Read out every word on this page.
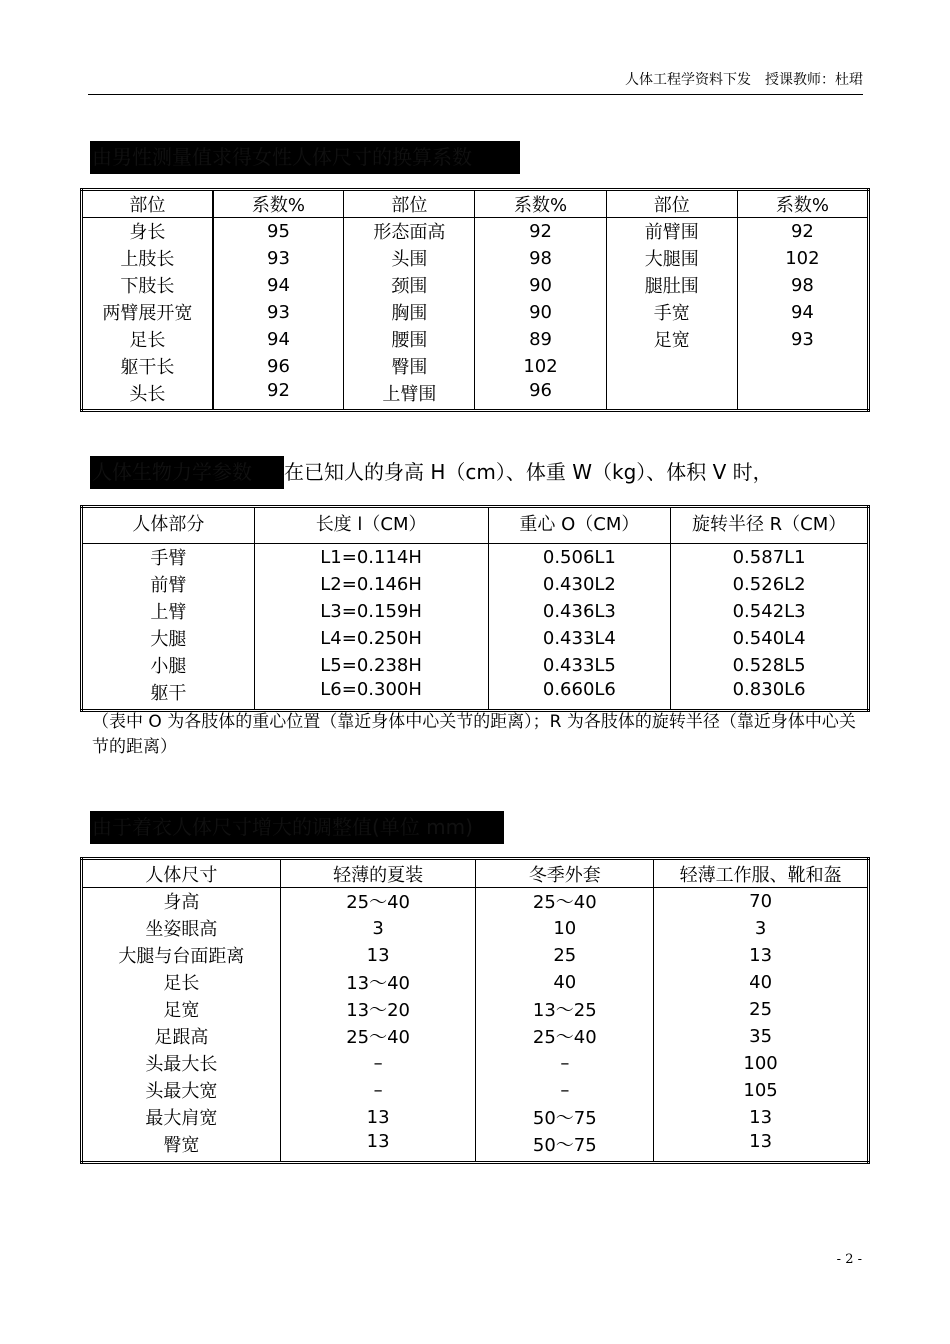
人体工程学资料下发　授课教师：杜珺
由男性测量值求得女性人体尺寸的换算系数
部位	系数%	部位	系数%	部位	系数%
身长	95	形态面高	92	前臂围	92
上肢长	93	头围	98	大腿围	102
下肢长	94	颈围	90	腿肚围	98
两臂展开宽	93	胸围	90	手宽	94
足长	94	腰围	89	足宽	93
躯干长	96	臀围	102		
头长	92	上臂围	96		
人体生物力学参数	在已知人的身高 H（cm）、体重 W（kg）、体积 V 时，
人体部分	长度 l（CM）	重心 O（CM）	旋转半径 R（CM）
手臂	L1=0.114H	0.506L1	0.587L1
前臂	L2=0.146H	0.430L2	0.526L2
上臂	L3=0.159H	0.436L3	0.542L3
大腿	L4=0.250H	0.433L4	0.540L4
小腿	L5=0.238H	0.433L5	0.528L5
躯干	L6=0.300H	0.660L6	0.830L6
（表中 O 为各肢体的重心位置（靠近身体中心关节的距离）；R 为各肢体的旋转半径（靠近身体中心关节的距离）
由于着衣人体尺寸增大的调整值(单位 mm)
人体尺寸	轻薄的夏装	冬季外套	轻薄工作服、靴和盔
身高	25～40	25～40	70
坐姿眼高	3	10	3
大腿与台面距离	13	25	13
足长	13～40	40	40
足宽	13～20	13～25	25
足跟高	25～40	25～40	35
头最大长	–	–	100
头最大宽	–	–	105
最大肩宽	13	50～75	13
臀宽	13	50～75	13
- 2 -
